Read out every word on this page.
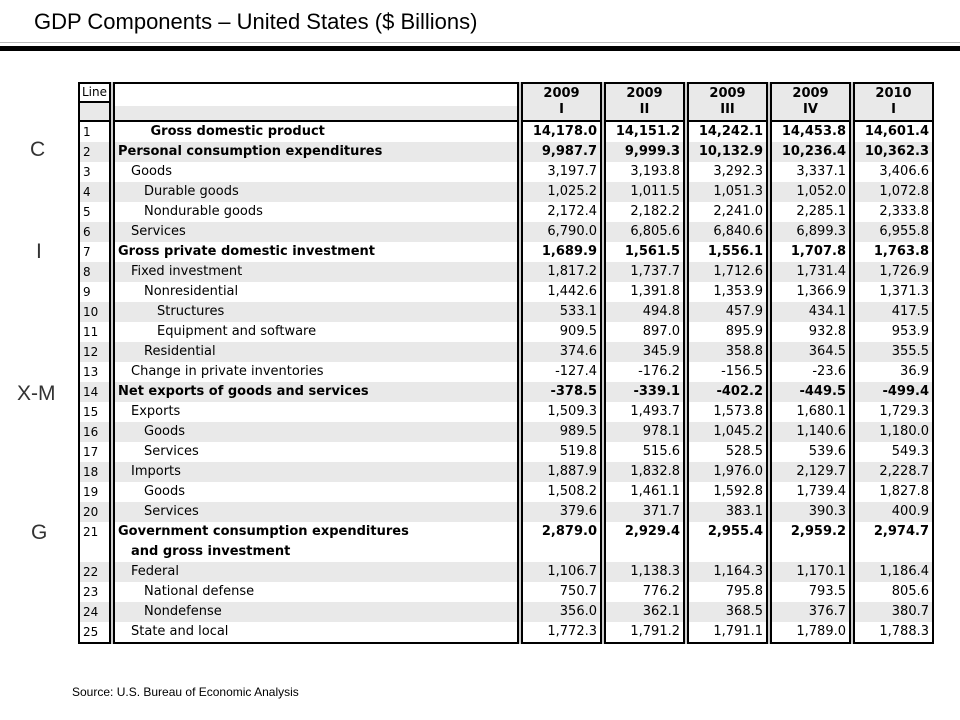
GDP Components – United States ($ Billions)
C
I
X-M
G
Line
1
2
3
4
5
6
7
8
9
10
11
12
13
14
15
16
17
18
19
20
21
22
23
24
25
Gross domestic product
Personal consumption expenditures
Goods
Durable goods
Nondurable goods
Services
Gross private domestic investment
Fixed investment
Nonresidential
Structures
Equipment and software
Residential
Change in private inventories
Net exports of goods and services
Exports
Goods
Services
Imports
Goods
Services
Government consumption expenditures
and gross investment
Federal
National defense
Nondefense
State and local
2009
I
14,178.0
9,987.7
3,197.7
1,025.2
2,172.4
6,790.0
1,689.9
1,817.2
1,442.6
533.1
909.5
374.6
-127.4
-378.5
1,509.3
989.5
519.8
1,887.9
1,508.2
379.6
2,879.0
1,106.7
750.7
356.0
1,772.3
2009
II
14,151.2
9,999.3
3,193.8
1,011.5
2,182.2
6,805.6
1,561.5
1,737.7
1,391.8
494.8
897.0
345.9
-176.2
-339.1
1,493.7
978.1
515.6
1,832.8
1,461.1
371.7
2,929.4
1,138.3
776.2
362.1
1,791.2
2009
III
14,242.1
10,132.9
3,292.3
1,051.3
2,241.0
6,840.6
1,556.1
1,712.6
1,353.9
457.9
895.9
358.8
-156.5
-402.2
1,573.8
1,045.2
528.5
1,976.0
1,592.8
383.1
2,955.4
1,164.3
795.8
368.5
1,791.1
2009
IV
14,453.8
10,236.4
3,337.1
1,052.0
2,285.1
6,899.3
1,707.8
1,731.4
1,366.9
434.1
932.8
364.5
-23.6
-449.5
1,680.1
1,140.6
539.6
2,129.7
1,739.4
390.3
2,959.2
1,170.1
793.5
376.7
1,789.0
2010
I
14,601.4
10,362.3
3,406.6
1,072.8
2,333.8
6,955.8
1,763.8
1,726.9
1,371.3
417.5
953.9
355.5
36.9
-499.4
1,729.3
1,180.0
549.3
2,228.7
1,827.8
400.9
2,974.7
1,186.4
805.6
380.7
1,788.3
Source: U.S. Bureau of Economic Analysis
